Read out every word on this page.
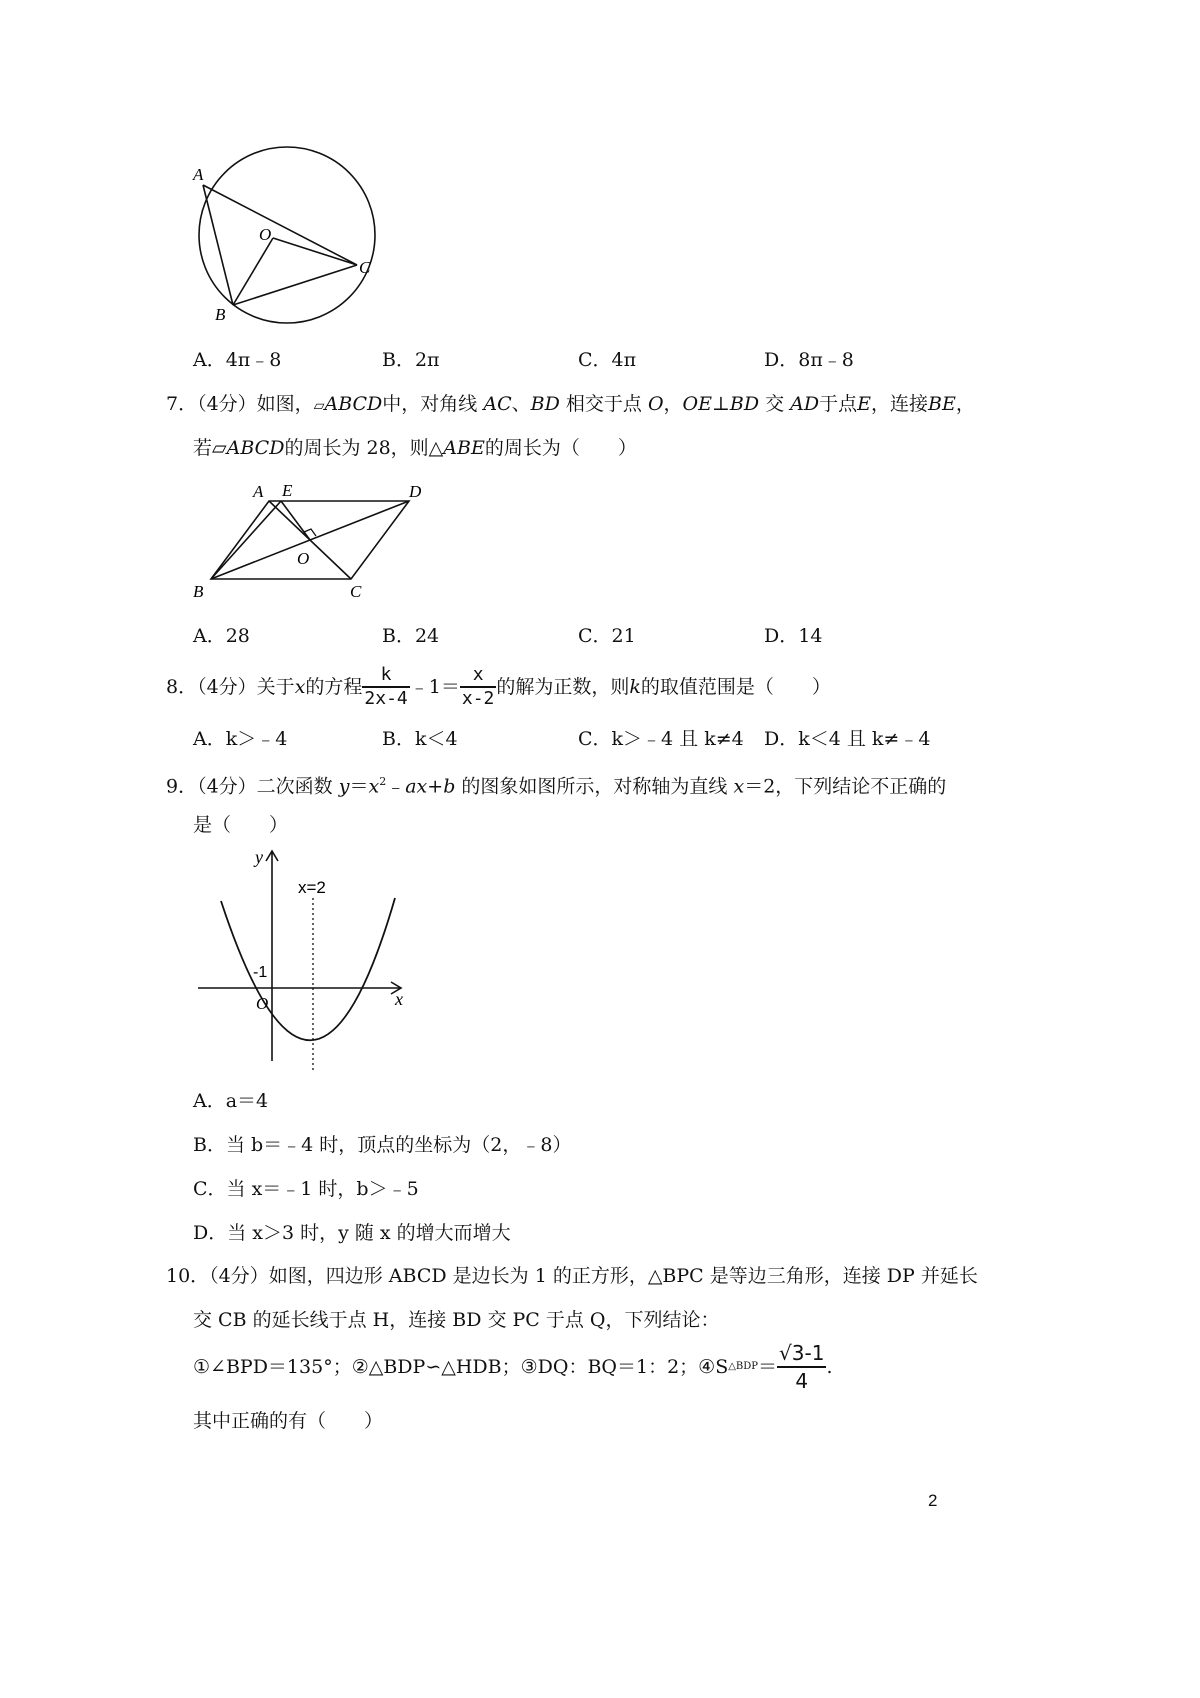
A
O
C
B
A．4π﹣8	B．2π	C．4π	D．8π﹣8
7．（4分）如图，▱ABCD中，对角线 AC、BD 相交于点 O，OE⊥BD 交 AD于点E，连接BE，
若▱ABCD的周长为 28，则△ABE的周长为（　　）
A E	D
O
B	C
A．28	B．24	C．21	D．14
8．（4分）关于 x 的方程 $\frac{k}{2x-4}$ ﹣1＝ $\frac{x}{x-2}$ 的解为正数，则 k 的取值范围是（　　）
A．k＞﹣4	B．k＜4	C．k＞﹣4 且 k≠4 D．k＜4 且 k≠﹣4
9．（4分）二次函数 $y=x^2﹣ax+b$ 的图象如图所示，对称轴为直线 x＝2，下列结论不正确的
是（　　）
y
x
x=2
-1
O
A．a＝4
B．当 b＝﹣4 时，顶点的坐标为（2，﹣8）
C．当 x＝﹣1 时，b＞﹣5
D．当 x＞3 时，y 随 x 的增大而增大
10．（4分）如图，四边形 ABCD 是边长为 1 的正方形，△BPC 是等边三角形，连接 DP 并延长
交 CB 的延长线于点 H，连接 BD 交 PC 于点 Q，下列结论：
①∠BPD＝135°；②△BDP∽△HDB；③DQ：BQ＝1：2；④S △BDP ＝ $\frac{√3-1}{4}$ .
其中正确的有（　　）
2
